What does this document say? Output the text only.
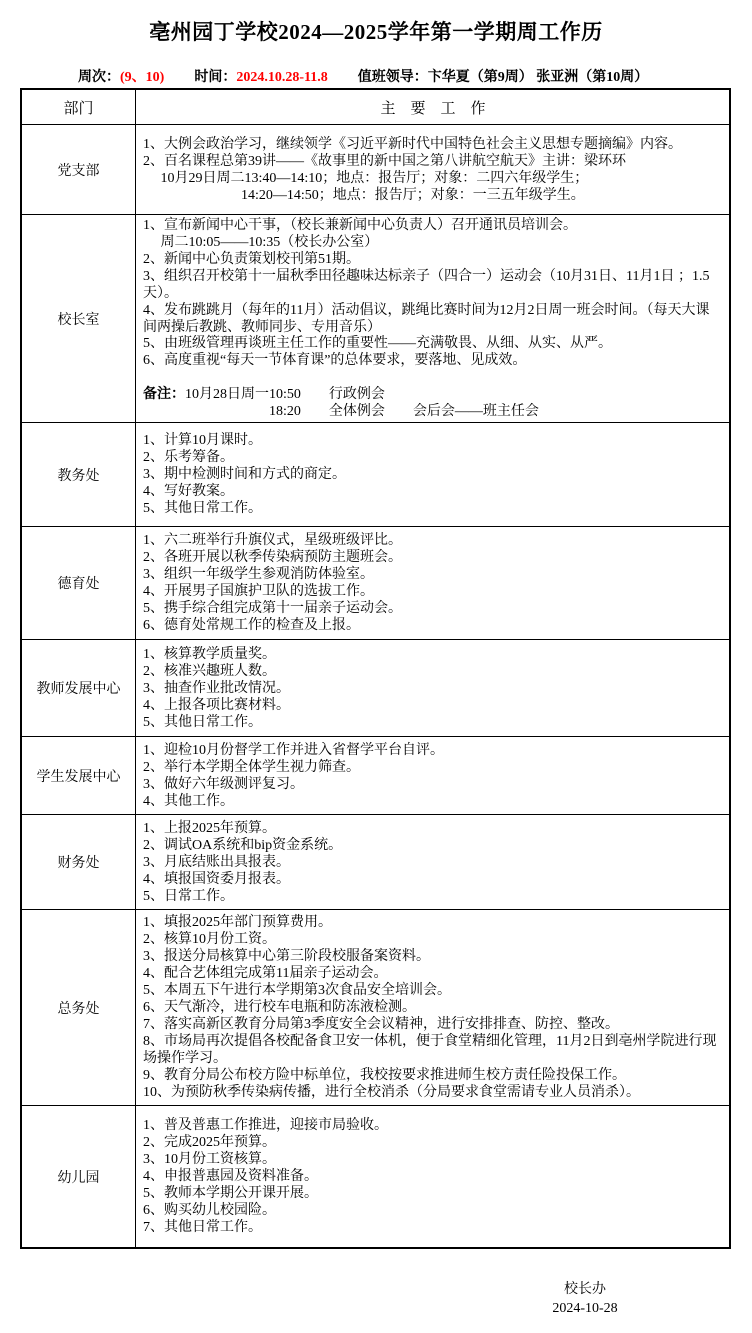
亳州园丁学校2024—2025学年第一学期周工作历
周次：(9、10) 时间：2024.10.28-11.8 值班领导：卞华夏（第9周） 张亚洲（第10周）
部门	主　要　工　作
党支部
1、大例会政治学习，继续领学《习近平新时代中国特色社会主义思想专题摘编》内容。
2、百名课程总第39讲——《故事里的新中国之第八讲航空航天》主讲：梁环环
　 10月29日周二13:40—14:10；地点：报告厅；对象：二四六年级学生；
　　　　　　　14:20—14:50；地点：报告厅；对象：一三五年级学生。
校长室
1、宣布新闻中心干事，（校长兼新闻中心负责人）召开通讯员培训会。
　 周二10:05——10:35（校长办公室）
2、新闻中心负责策划校刊第51期。
3、组织召开校第十一届秋季田径趣味达标亲子（四合一）运动会（10月31日、11月1日 ；1.5天）。
4、发布跳跳月（每年的11月）活动倡议，跳绳比赛时间为12月2日周一班会时间。（每天大课间两操后教跳、教师同步、专用音乐）
5、由班级管理再谈班主任工作的重要性——充满敬畏、从细、从实、从严。
6、高度重视“每天一节体育课”的总体要求，要落地、见成效。
备注：10月28日周一10:50　　行政例会
　　　　　　　　　18:20　　全体例会　　会后会——班主任会
教务处
1、计算10月课时。
2、乐考筹备。
3、期中检测时间和方式的商定。
4、写好教案。
5、其他日常工作。
德育处
1、六二班举行升旗仪式，星级班级评比。
2、各班开展以秋季传染病预防主题班会。
3、组织一年级学生参观消防体验室。
4、开展男子国旗护卫队的选拔工作。
5、携手综合组完成第十一届亲子运动会。
6、德育处常规工作的检查及上报。
教师发展中心
1、核算教学质量奖。
2、核准兴趣班人数。
3、抽查作业批改情况。
4、上报各项比赛材料。
5、其他日常工作。
学生发展中心
1、迎检10月份督学工作并进入省督学平台自评。
2、举行本学期全体学生视力筛查。
3、做好六年级测评复习。
4、其他工作。
财务处
1、上报2025年预算。
2、调试OA系统和bip资金系统。
3、月底结账出具报表。
4、填报国资委月报表。
5、日常工作。
总务处
1、填报2025年部门预算费用。
2、核算10月份工资。
3、报送分局核算中心第三阶段校服备案资料。
4、配合艺体组完成第11届亲子运动会。
5、本周五下午进行本学期第3次食品安全培训会。
6、天气渐冷，进行校车电瓶和防冻液检测。
7、落实高新区教育分局第3季度安全会议精神，进行安排排查、防控、整改。
8、市场局再次提倡各校配备食卫安一体机，便于食堂精细化管理，11月2日到亳州学院进行现场操作学习。
9、教育分局公布校方险中标单位，我校按要求推进师生校方责任险投保工作。
10、为预防秋季传染病传播，进行全校消杀（分局要求食堂需请专业人员消杀）。
幼儿园
1、普及普惠工作推进，迎接市局验收。
2、完成2025年预算。
3、10月份工资核算。
4、申报普惠园及资料准备。
5、教师本学期公开课开展。
6、购买幼儿校园险。
7、其他日常工作。
校长办
2024-10-28
